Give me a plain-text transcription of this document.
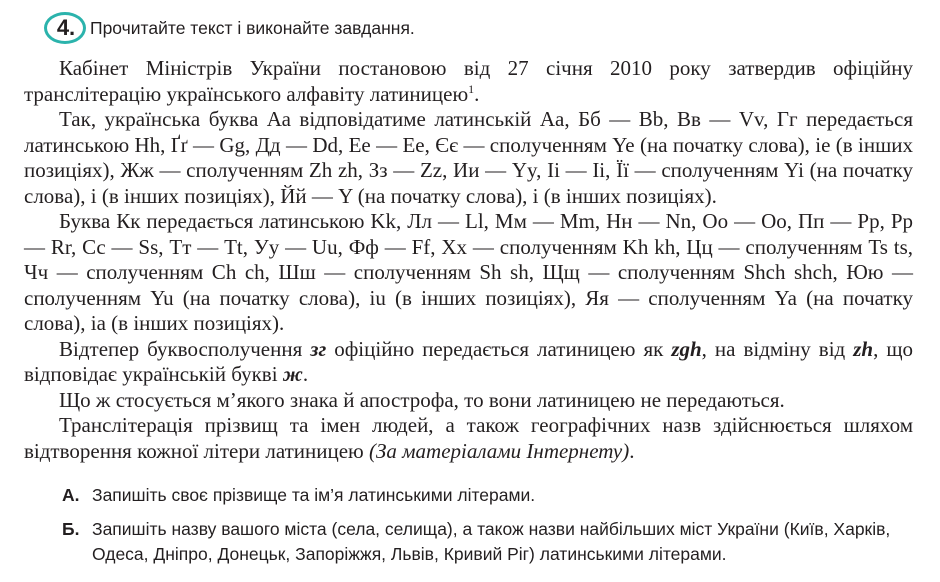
4. Прочитайте текст і виконайте завдання.

Кабінет Міністрів України постановою від 27 січня 2010 року затвердив офіційну транслітерацію українського алфавіту латиницею$^1$.

Так, українська буква Аа відповідатиме латинській Aa, Бб — Bb, Вв — Vv, Гг передається латинською Hh, Ґґ — Gg, Дд — Dd, Ее — Ee, Єє — сполученням Ye (на початку слова), ie (в інших позиціях), Жж — сполученням Zh zh, Зз — Zz, Ии — Yy, Іі — Ii, Її — сполученням Yi (на початку слова), i (в інших позиціях), Йй — Y (на початку слова), i (в інших позиціях).

Буква Кк передається латинською Kk, Лл — Ll, Мм — Mm, Нн — Nn, Оо — Oo, Пп — Pp, Рр — Rr, Сс — Ss, Тт — Tt, Уу — Uu, Фф — Ff, Хх — сполученням Kh kh, Цц — сполученням Ts ts, Чч — сполученням Ch ch, Шш — сполученням Sh sh, Щщ — сполученням Shch shch, Юю — сполученням Yu (на початку слова), iu (в інших позиціях), Яя — сполученням Ya (на початку слова), ia (в інших позиціях).

Відтепер буквосполучення зг офіційно передається латиницею як zgh, на відміну від zh, що відповідає українській букві ж.

Що ж стосується м’якого знака й апострофа, то вони латиницею не передаються.

Транслітерація прізвищ та імен людей, а також географічних назв здійснюється шляхом відтворення кожної літери латиницею (За матеріалами Інтернету).

А. Запишіть своє прізвище та ім’я латинськими літерами.
Б. Запишіть назву вашого міста (села, селища), а також назви найбільших міст України (Київ, Харків, Одеса, Дніпро, Донецьк, Запоріжжя, Львів, Кривий Ріг) латинськими літерами.
